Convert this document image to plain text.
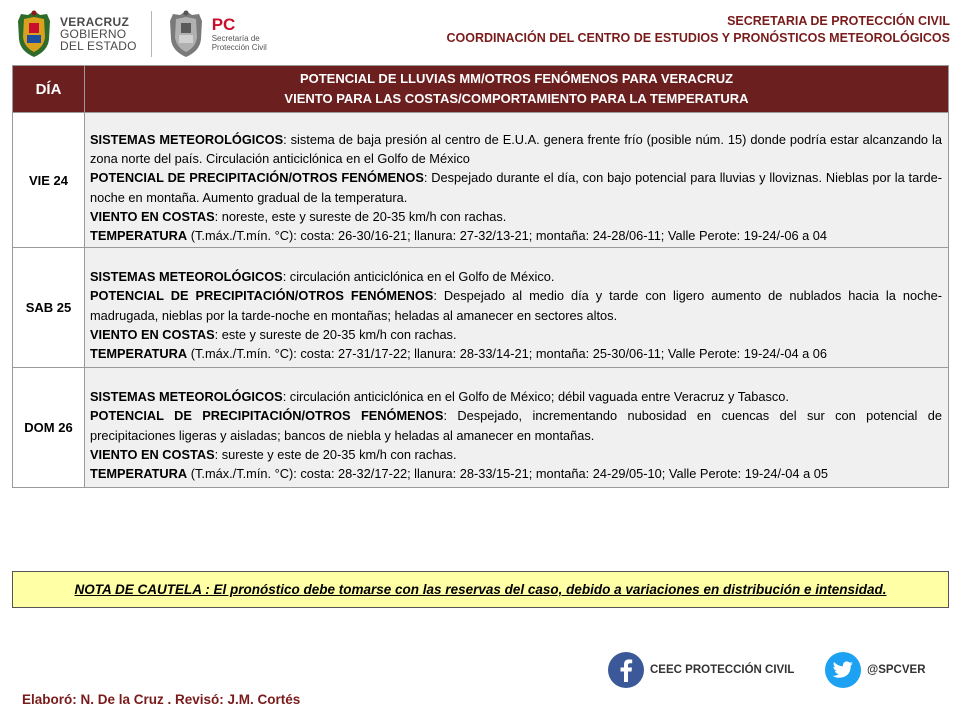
VERACRUZ
GOBIERNO
DEL ESTADO
PC
Secretaría de
Protección Civil
SECRETARIA DE PROTECCIÓN CIVIL
COORDINACIÓN DEL CENTRO DE ESTUDIOS Y PRONÓSTICOS METEOROLÓGICOS
DÍA	POTENCIAL DE LLUVIAS MM/OTROS FENÓMENOS PARA VERACRUZ
VIENTO PARA LAS COSTAS/COMPORTAMIENTO PARA LA TEMPERATURA

VIE 24	SISTEMAS METEOROLÓGICOS: sistema de baja presión al centro de E.U.A. genera frente frío (posible núm. 15) donde podría estar alcanzando la zona norte del país. Circulación anticiclónica en el Golfo de México
POTENCIAL DE PRECIPITACIÓN/OTROS FENÓMENOS: Despejado durante el día, con bajo potencial para lluvias y lloviznas. Nieblas por la tarde-noche en montaña. Aumento gradual de la temperatura.
VIENTO EN COSTAS: noreste, este y sureste de 20-35 km/h con rachas.
TEMPERATURA (T.máx./T.mín. °C): costa: 26-30/16-21; llanura: 27-32/13-21; montaña: 24-28/06-11; Valle Perote: 19-24/-06 a 04

SAB 25	SISTEMAS METEOROLÓGICOS: circulación anticiclónica en el Golfo de México.
POTENCIAL DE PRECIPITACIÓN/OTROS FENÓMENOS: Despejado al medio día y tarde con ligero aumento de nublados hacia la noche- madrugada, nieblas por la tarde-noche en montañas; heladas al amanecer en sectores altos.
VIENTO EN COSTAS: este y sureste de 20-35 km/h con rachas.
TEMPERATURA (T.máx./T.mín. °C): costa: 27-31/17-22; llanura: 28-33/14-21; montaña: 25-30/06-11; Valle Perote: 19-24/-04 a 06

DOM 26	SISTEMAS METEOROLÓGICOS: circulación anticiclónica en el Golfo de México; débil vaguada entre Veracruz y Tabasco.
POTENCIAL DE PRECIPITACIÓN/OTROS FENÓMENOS: Despejado, incrementando nubosidad en cuencas del sur con potencial de precipitaciones ligeras y aisladas; bancos de niebla y heladas al amanecer en montañas.
VIENTO EN COSTAS: sureste y este de 20-35 km/h con rachas.
TEMPERATURA (T.máx./T.mín. °C): costa: 28-32/17-22; llanura: 28-33/15-21; montaña: 24-29/05-10; Valle Perote: 19-24/-04 a 05
NOTA DE CAUTELA : El pronóstico debe tomarse con las reservas del caso, debido a variaciones en distribución e intensidad.
CEEC PROTECCIÓN CIVIL	@SPCVER
Elaboró: N. De la Cruz . Revisó: J.M. Cortés
